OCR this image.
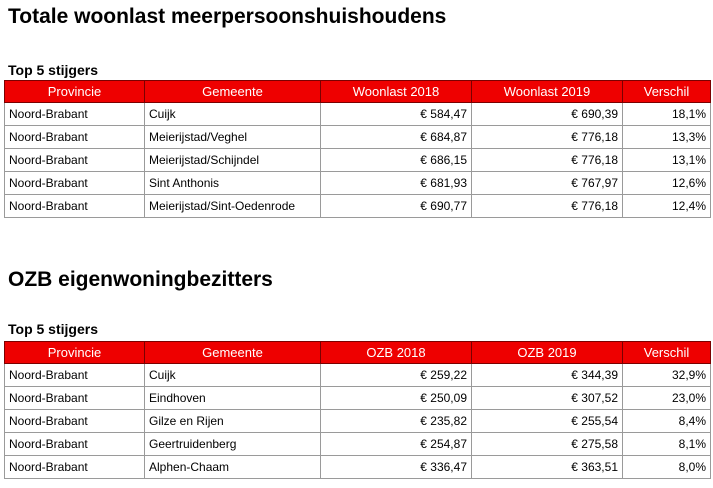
Totale woonlast meerpersoonshuishoudens
Top 5 stijgers
Provincie	Gemeente	Woonlast 2018	Woonlast 2019	Verschil
Noord-Brabant	Cuijk	€ 584,47	€ 690,39	18,1%
Noord-Brabant	Meierijstad/Veghel	€ 684,87	€ 776,18	13,3%
Noord-Brabant	Meierijstad/Schijndel	€ 686,15	€ 776,18	13,1%
Noord-Brabant	Sint Anthonis	€ 681,93	€ 767,97	12,6%
Noord-Brabant	Meierijstad/Sint-Oedenrode	€ 690,77	€ 776,18	12,4%
OZB eigenwoningbezitters
Top 5 stijgers
Provincie	Gemeente	OZB 2018	OZB 2019	Verschil
Noord-Brabant	Cuijk	€ 259,22	€ 344,39	32,9%
Noord-Brabant	Eindhoven	€ 250,09	€ 307,52	23,0%
Noord-Brabant	Gilze en Rijen	€ 235,82	€ 255,54	8,4%
Noord-Brabant	Geertruidenberg	€ 254,87	€ 275,58	8,1%
Noord-Brabant	Alphen-Chaam	€ 336,47	€ 363,51	8,0%
